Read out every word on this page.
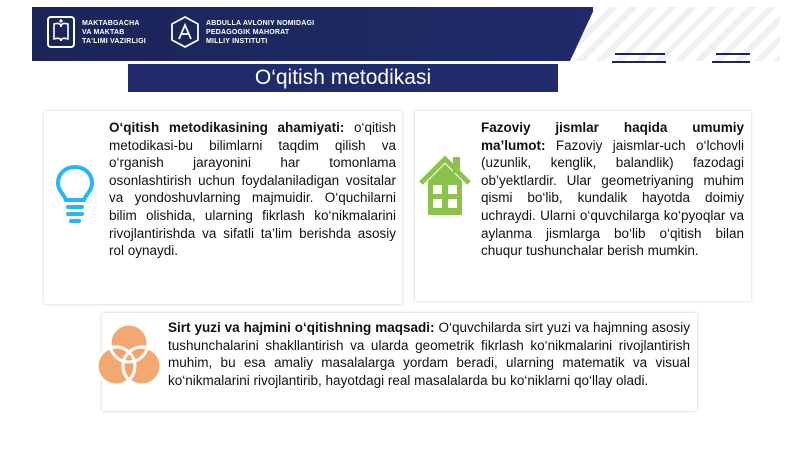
MAKTABGACHA
VA MAKTAB
TA'LIMI VAZIRLIGI
ABDULLA AVLONIY NOMIDAGI
PEDAGOGIK MAHORAT
MILLIY INSTITUTI
O‘qitish metodikasi

O‘qitish metodikasining ahamiyati: o‘qitish metodikasi-bu bilimlarni taqdim qilish va o‘rganish jarayonini har tomonlama osonlashtirish uchun foydalaniladigan vositalar va yondoshuvlarning majmuidir. O‘quchilarni bilim olishida, ularning fikrlash ko‘nikmalarini rivojlantirishda va sifatli ta’lim berishda asosiy rol oynaydi.

Fazoviy jismlar haqida umumiy ma’lumot: Fazoviy jaismlar-uch o‘lchovli (uzunlik, kenglik, balandlik) fazodagi ob’yektlardir. Ular geometriyaning muhim qismi bo‘lib, kundalik hayotda doimiy uchraydi. Ularni o‘quvchilarga ko‘pyoqlar va aylanma jismlarga bo‘lib o‘qitish bilan chuqur tushunchalar berish mumkin.

Sirt yuzi va hajmini o‘qitishning maqsadi: O‘quvchilarda sirt yuzi va hajmning asosiy tushunchalarini shakllantirish va ularda geometrik fikrlash ko‘nikmalarini rivojlantirish muhim, bu esa amaliy masalalarga yordam beradi, ularning matematik va visual ko‘nikmalarini rivojlantirib, hayotdagi real masalalarda bu ko‘niklarni qo‘llay oladi.
